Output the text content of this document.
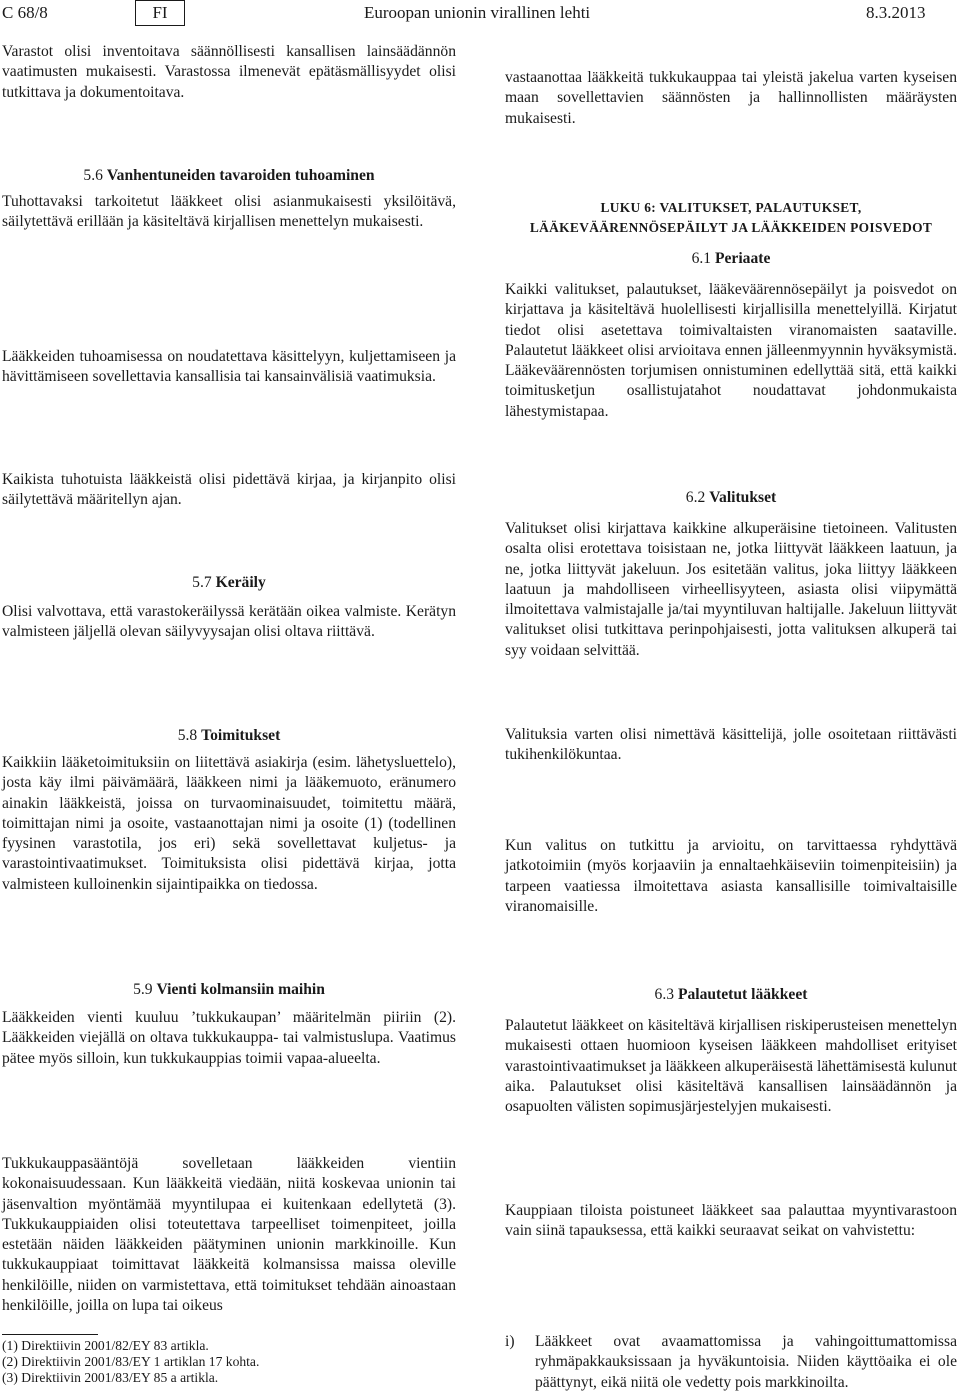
C 68/8	FI	Euroopan unionin virallinen lehti	8.3.2013

Varastot olisi inventoitava säännöllisesti kansallisen lainsäädännön vaatimusten mukaisesti. Varastossa ilmenevät epätäsmällisyydet olisi tutkittava ja dokumentoitava.

5.6 Vanhentuneiden tavaroiden tuhoaminen

Tuhottavaksi tarkoitetut lääkkeet olisi asianmukaisesti yksilöitävä, säilytettävä erillään ja käsiteltävä kirjallisen menettelyn mukaisesti.

Lääkkeiden tuhoamisessa on noudatettava käsittelyyn, kuljettamiseen ja hävittämiseen sovellettavia kansallisia tai kansainvälisiä vaatimuksia.

Kaikista tuhotuista lääkkeistä olisi pidettävä kirjaa, ja kirjanpito olisi säilytettävä määritellyn ajan.

5.7 Keräily

Olisi valvottava, että varastokeräilyssä kerätään oikea valmiste. Kerätyn valmisteen jäljellä olevan säilyvyysajan olisi oltava riittävä.

5.8 Toimitukset

Kaikkiin lääketoimituksiin on liitettävä asiakirja (esim. lähetysluettelo), josta käy ilmi päivämäärä, lääkkeen nimi ja lääkemuoto, eränumero ainakin lääkkeistä, joissa on turvaominaisuudet, toimitettu määrä, toimittajan nimi ja osoite, vastaanottajan nimi ja osoite (1) (todellinen fyysinen varastotila, jos eri) sekä sovellettavat kuljetus- ja varastointivaatimukset. Toimituksista olisi pidettävä kirjaa, jotta valmisteen kulloinenkin sijaintipaikka on tiedossa.

5.9 Vienti kolmansiin maihin

Lääkkeiden vienti kuuluu ’tukkukaupan’ määritelmän piiriin (2). Lääkkeiden viejällä on oltava tukkukauppa- tai valmistuslupa. Vaatimus pätee myös silloin, kun tukkukauppias toimii vapaa-alueelta.

Tukkukauppasääntöjä sovelletaan lääkkeiden vientiin kokonaisuudessaan. Kun lääkkeitä viedään, niitä koskevaa unionin tai jäsenvaltion myöntämää myyntilupaa ei kuitenkaan edellytetä (3). Tukkukauppiaiden olisi toteutettava tarpeelliset toimenpiteet, joilla estetään näiden lääkkeiden päätyminen unionin markkinoille. Kun tukkukauppiaat toimittavat lääkkeitä kolmansissa maissa oleville henkilöille, niiden on varmistettava, että toimitukset tehdään ainoastaan henkilöille, joilla on lupa tai oikeus

(1) Direktiivin 2001/82/EY 83 artikla.

(2) Direktiivin 2001/83/EY 1 artiklan 17 kohta.

(3) Direktiivin 2001/83/EY 85 a artikla.

vastaanottaa lääkkeitä tukkukauppaa tai yleistä jakelua varten kyseisen maan sovellettavien säännösten ja hallinnollisten määräysten mukaisesti.

LUKU 6: VALITUKSET, PALAUTUKSET,
LÄÄKEVÄÄRENNÖSEPÄILYT JA LÄÄKKEIDEN POISVEDOT
6.1 Periaate

Kaikki valitukset, palautukset, lääkeväärennösepäilyt ja poisvedot on kirjattava ja käsiteltävä huolellisesti kirjallisilla menettelyillä. Kirjatut tiedot olisi asetettava toimivaltaisten viranomaisten saataville. Palautetut lääkkeet olisi arvioitava ennen jälleenmyynnin hyväksymistä. Lääkeväärennösten torjumisen onnistuminen edellyttää sitä, että kaikki toimitusketjun osallistujatahot noudattavat johdonmukaista lähestymistapaa.

6.2 Valitukset

Valitukset olisi kirjattava kaikkine alkuperäisine tietoineen. Valitusten osalta olisi erotettava toisistaan ne, jotka liittyvät lääkkeen laatuun, ja ne, jotka liittyvät jakeluun. Jos esitetään valitus, joka liittyy lääkkeen laatuun ja mahdolliseen virheellisyyteen, asiasta olisi viipymättä ilmoitettava valmistajalle ja/tai myyntiluvan haltijalle. Jakeluun liittyvät valitukset olisi tutkittava perinpohjaisesti, jotta valituksen alkuperä tai syy voidaan selvittää.

Valituksia varten olisi nimettävä käsittelijä, jolle osoitetaan riittävästi tukihenkilökuntaa.

Kun valitus on tutkittu ja arvioitu, on tarvittaessa ryhdyttävä jatkotoimiin (myös korjaaviin ja ennaltaehkäiseviin toimenpiteisiin) ja tarpeen vaatiessa ilmoitettava asiasta kansallisille toimivaltaisille viranomaisille.

6.3 Palautetut lääkkeet

Palautetut lääkkeet on käsiteltävä kirjallisen riskiperusteisen menettelyn mukaisesti ottaen huomioon kyseisen lääkkeen mahdolliset erityiset varastointivaatimukset ja lääkkeen alkuperäisestä lähettämisestä kulunut aika. Palautukset olisi käsiteltävä kansallisen lainsäädännön ja osapuolten välisten sopimusjärjestelyjen mukaisesti.

Kauppiaan tiloista poistuneet lääkkeet saa palauttaa myyntivarastoon vain siinä tapauksessa, että kaikki seuraavat seikat on vahvistettu:

i) Lääkkeet ovat avaamattomissa ja vahingoittumattomissa ryhmäpakkauksissaan ja hyväkuntoisia. Niiden käyttöaika ei ole päättynyt, eikä niitä ole vedetty pois markkinoilta.
